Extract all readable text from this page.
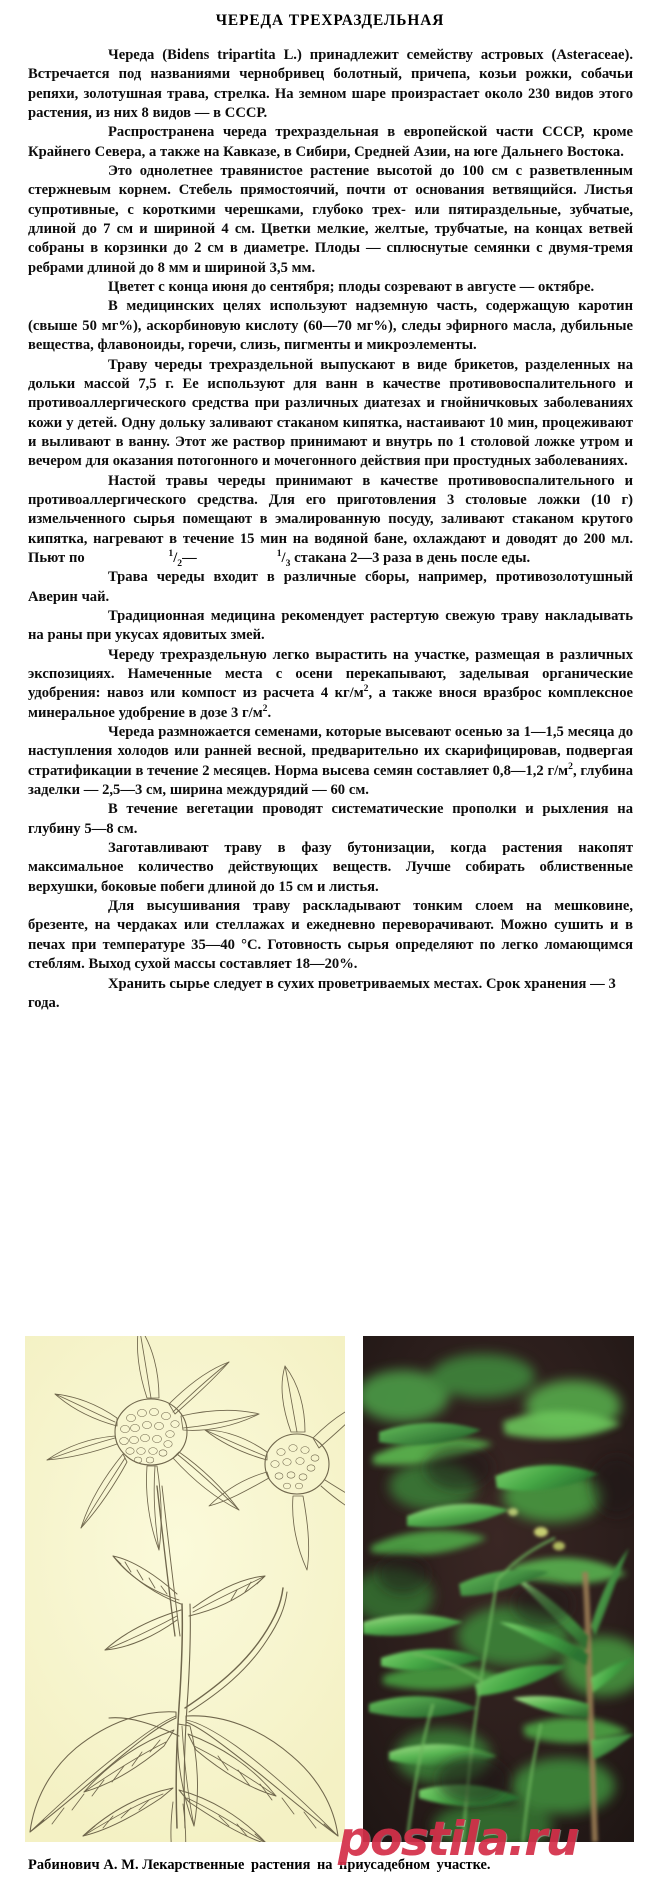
ЧЕРЕДА ТРЕХРАЗДЕЛЬНАЯ

Череда (Bidens tripartita L.) принадлежит семейству астровых (Asteraceae). Встречается под названиями чернобривец болотный, причепа, козьи рожки, собачьи репяхи, золотушная трава, стрелка. На земном шаре произрастает около 230 видов этого растения, из них 8 видов — в СССР.

Распространена череда трехраздельная в европейской части СССР, кроме Крайнего Севера, а также на Кавказе, в Сибири, Средней Азии, на юге Дальнего Востока.

Это однолетнее травянистое растение высотой до 100 см с разветвленным стержневым корнем. Стебель прямостоячий, почти от основания ветвящийся. Листья супротивные, с короткими черешками, глубоко трех- или пятираздельные, зубчатые, длиной до 7 см и шириной 4 см. Цветки мелкие, желтые, трубчатые, на концах ветвей собраны в корзинки до 2 см в диаметре. Плоды — сплюснутые семянки с двумя-тремя ребрами длиной до 8 мм и шириной 3,5 мм.

Цветет с конца июня до сентября; плоды созревают в августе — октябре.

В медицинских целях используют надземную часть, содержащую каротин (свыше 50 мг%), аскорбиновую кислоту (60—70 мг%), следы эфирного масла, дубильные вещества, флавоноиды, горечи, слизь, пигменты и микроэлементы.

Траву череды трехраздельной выпускают в виде брикетов, разделенных на дольки массой 7,5 г. Ее используют для ванн в качестве противовоспалительного и противоаллергического средства при различных диатезах и гнойничковых заболеваниях кожи у детей. Одну дольку заливают стаканом кипятка, настаивают 10 мин, процеживают и выливают в ванну. Этот же раствор принимают и внутрь по 1 столовой ложке утром и вечером для оказания потогонного и мочегонного действия при простудных заболеваниях.

Настой травы череды принимают в качестве противовоспалительного и противоаллергического средства. Для его приготовления 3 столовые ложки (10 г) измельченного сырья помещают в эмалированную посуду, заливают стаканом крутого кипятка, нагревают в течение 15 мин на водяной бане, охлаждают и доводят до 200 мл. Пьют по	$^1/_2—$	$^1/_3$ стакана 2—3 раза в день после еды.

Трава череды входит в различные сборы, например, противозолотушный Аверин чай.

Традиционная медицина рекомендует растертую свежую траву накладывать на раны при укусах ядовитых змей.

Череду трехраздельную легко вырастить на участке, размещая в различных экспозициях. Намеченные места с осени перекапывают, заделывая органические удобрения: навоз или компост из расчета 4 $кг/м^2$, а также внося вразброс комплексное минеральное удобрение в дозе 3 $г/м^2$.

Череда размножается семенами, которые высевают осенью за 1—1,5 месяца до наступления холодов или ранней весной, предварительно их скарифицировав, подвергая стратификации в течение 2 месяцев. Норма высева семян составляет 0,8—1,2 $г/м^2$, глубина заделки — 2,5—3 см, ширина междурядий — 60 см.

В течение вегетации проводят систематические прополки и рыхления на глубину 5—8 см.

Заготавливают траву в фазу бутонизации, когда растения накопят максимальное количество действующих веществ. Лучше собирать облиственные верхушки, боковые побеги длиной до 15 см и листья.

Для высушивания траву раскладывают тонким слоем на мешковине, брезенте, на чердаках или стеллажах и ежедневно переворачивают. Можно сушить и в печах при температуре 35—40 °С. Готовность сырья определяют по легко ломающимся стеблям. Выход сухой массы составляет 18—20%.

Хранить сырье следует в сухих проветриваемых местах. Срок хранения — 3 года.

Рабинович А. М. Лекарственные растения на приусадебном участке.
postila.ru
